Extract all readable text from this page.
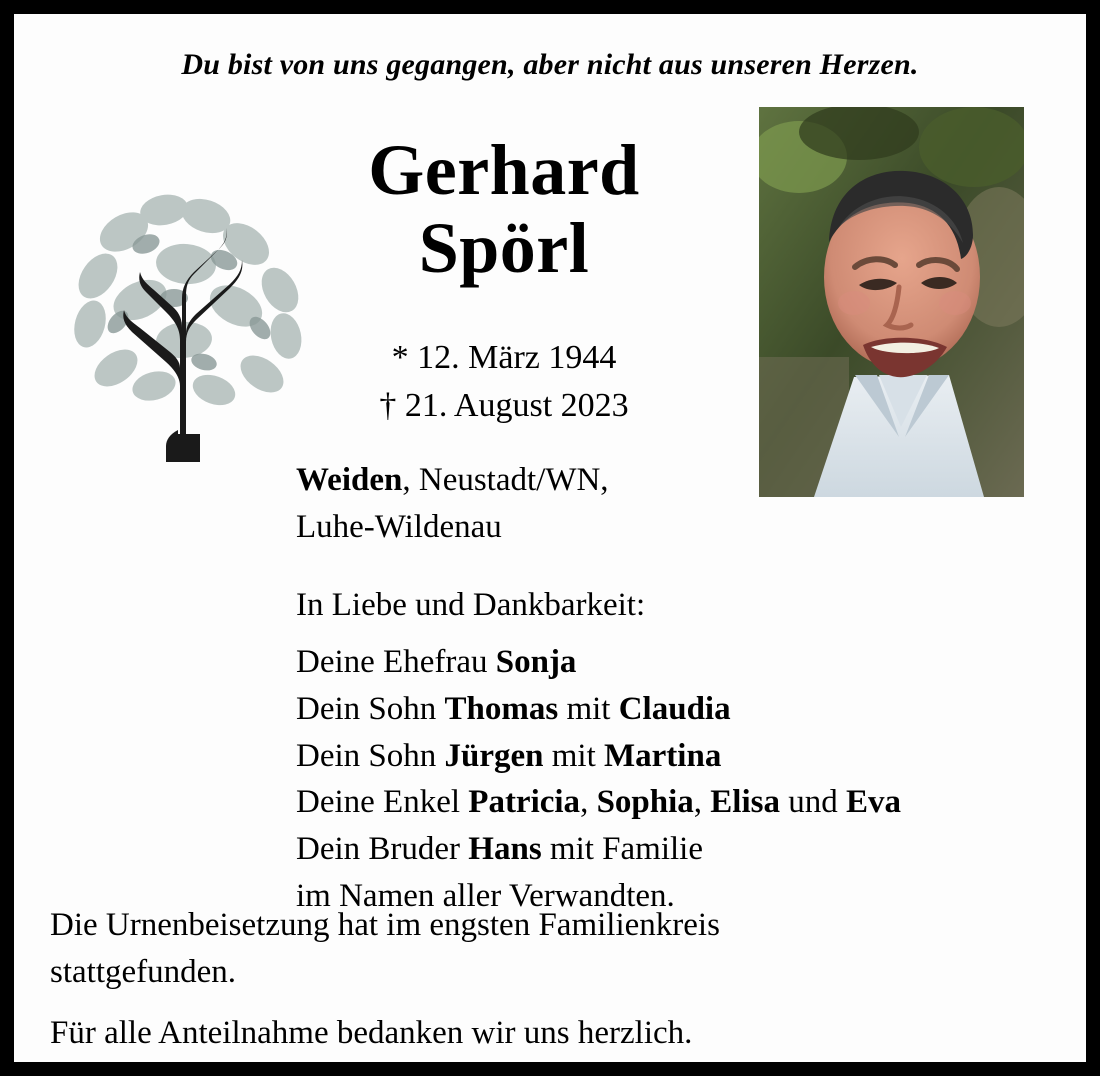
Du bist von uns gegangen, aber nicht aus unseren Herzen.
Gerhard
Spörl
* 12. März 1944
† 21. August 2023
Weiden, Neustadt/WN,
Luhe-Wildenau
In Liebe und Dankbarkeit:
Deine Ehefrau Sonja
Dein Sohn Thomas mit Claudia
Dein Sohn Jürgen mit Martina
Deine Enkel Patricia, Sophia, Elisa und Eva
Dein Bruder Hans mit Familie
im Namen aller Verwandten.
Die Urnenbeisetzung hat im engsten Familienkreis
stattgefunden.
Für alle Anteilnahme bedanken wir uns herzlich.
